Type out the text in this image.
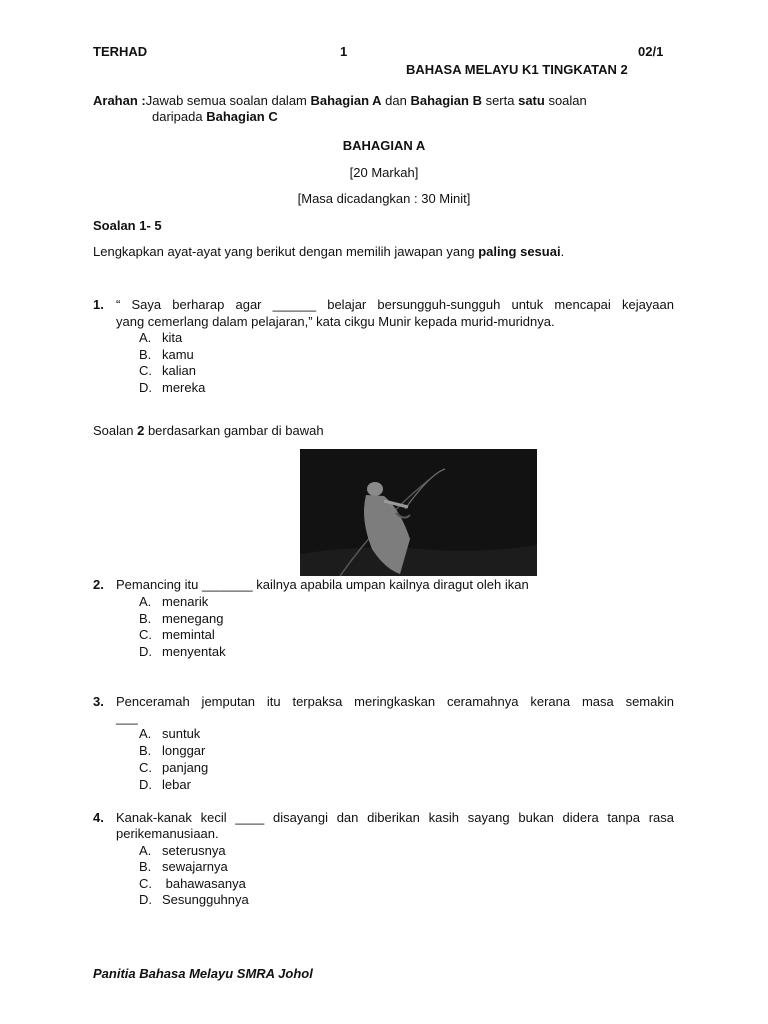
TERHAD	1	02/1
BAHASA MELAYU K1 TINGKATAN 2
Arahan :Jawab semua soalan dalam Bahagian A dan Bahagian B serta satu soalan
daripada Bahagian C
BAHAGIAN A
[20 Markah]
[Masa dicadangkan : 30 Minit]
Soalan 1- 5
Lengkapkan ayat-ayat yang berikut dengan memilih jawapan yang paling sesuai.
1. “ Saya berharap agar ______ belajar bersungguh-sungguh untuk mencapai kejayaan
yang cemerlang dalam pelajaran,” kata cikgu Munir kepada murid-muridnya.
A. kita
B. kamu
C. kalian
D. mereka
Soalan 2 berdasarkan gambar di bawah
2. Pemancing itu _______ kailnya apabila umpan kailnya diragut oleh ikan
A. menarik
B. menegang
C. memintal
D. menyentak
3. Penceramah jemputan itu terpaksa meringkaskan ceramahnya kerana masa semakin
___
A. suntuk
B. longgar
C. panjang
D. lebar
4. Kanak-kanak kecil ____ disayangi dan diberikan kasih sayang bukan didera tanpa rasa
perikemanusiaan.
A. seterusnya
B. sewajarnya
C. bahawasanya
D. Sesungguhnya
Panitia Bahasa Melayu SMRA Johol
